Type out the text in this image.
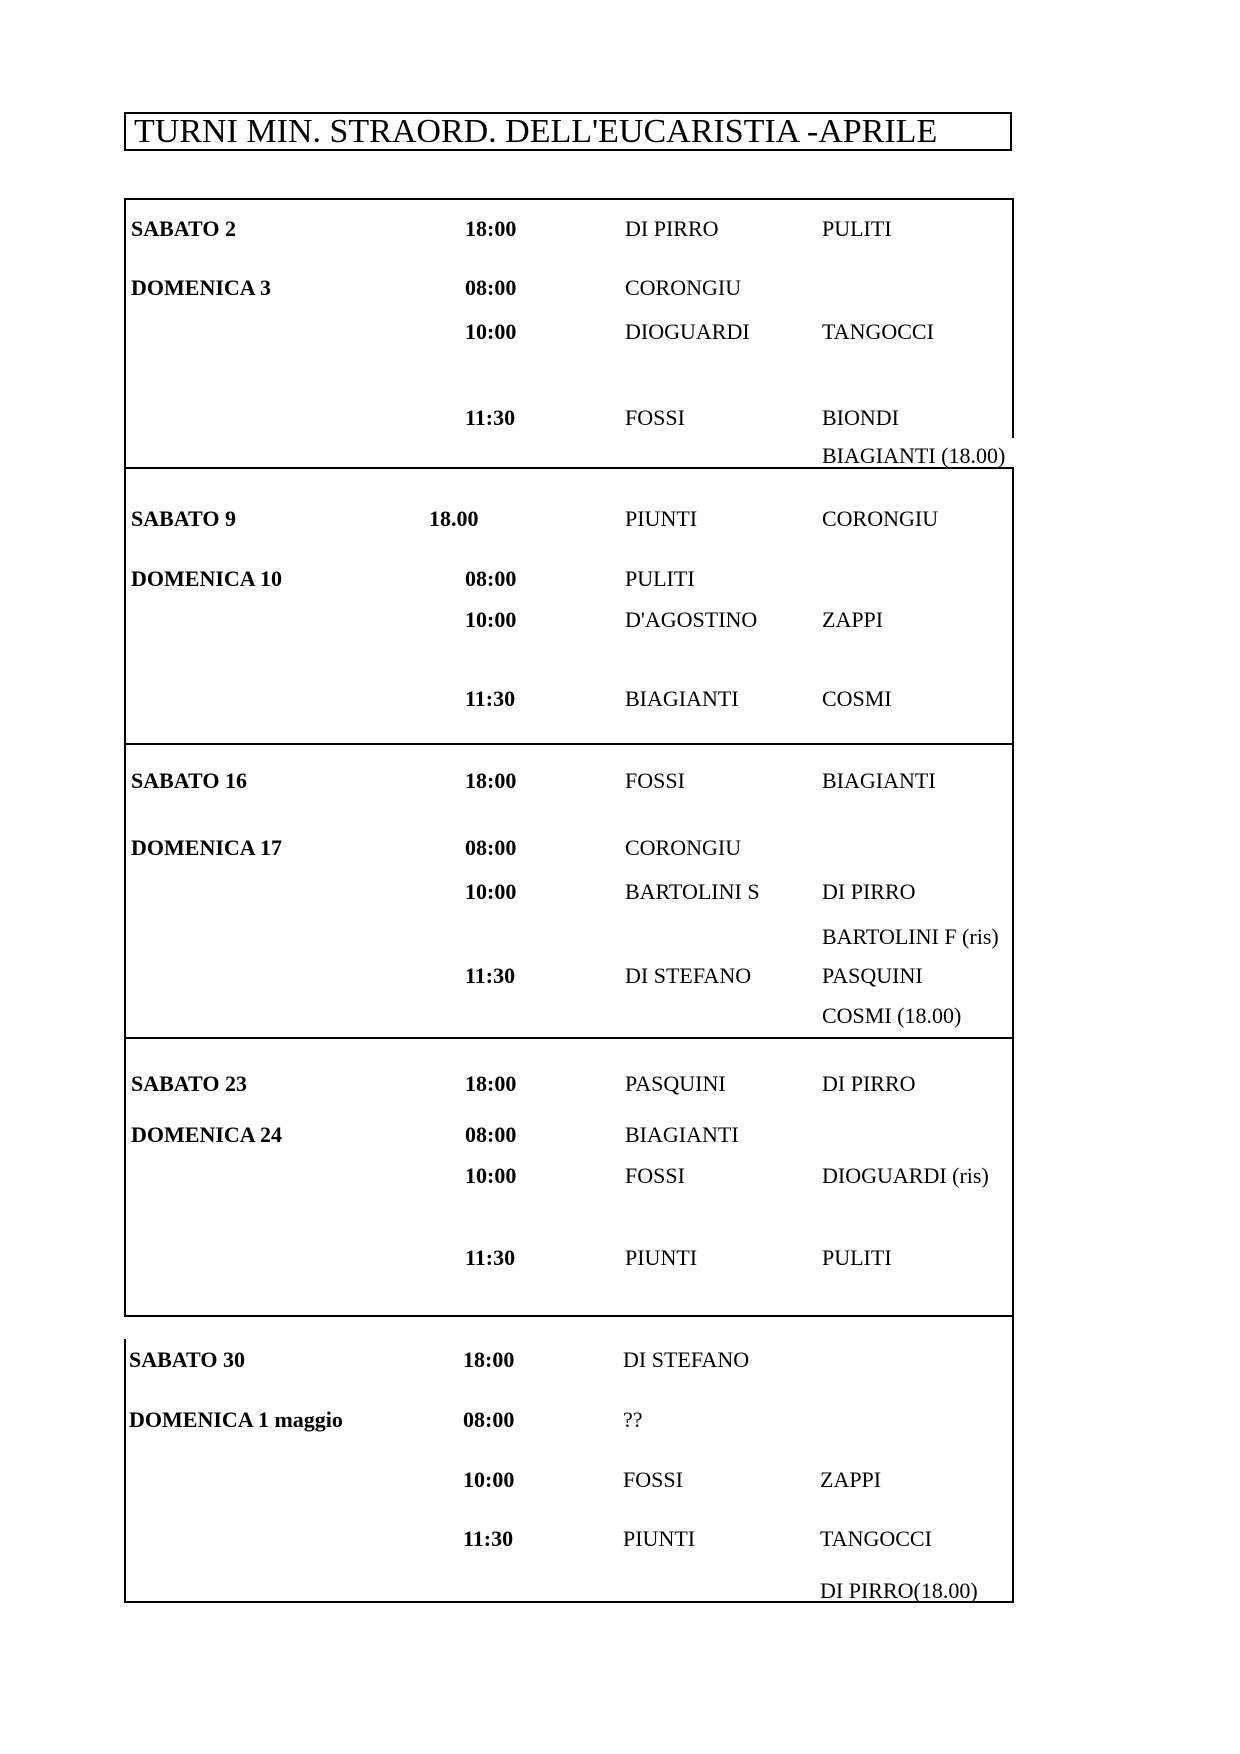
TURNI MIN. STRAORD. DELL'EUCARISTIA -APRILE
SABATO 2	18:00	DI PIRRO	PULITI
DOMENICA 3	08:00	CORONGIU
10:00	DIOGUARDI	TANGOCCI
11:30	FOSSI	BIONDI
BIAGIANTI (18.00)
SABATO 9	18.00	PIUNTI	CORONGIU
DOMENICA 10	08:00	PULITI
10:00	D'AGOSTINO	ZAPPI
11:30	BIAGIANTI	COSMI
SABATO 16	18:00	FOSSI	BIAGIANTI
DOMENICA 17	08:00	CORONGIU
10:00	BARTOLINI S	DI PIRRO
BARTOLINI F (ris)
11:30	DI STEFANO	PASQUINI
COSMI (18.00)
SABATO 23	18:00	PASQUINI	DI PIRRO
DOMENICA 24	08:00	BIAGIANTI
10:00	FOSSI	DIOGUARDI (ris)
11:30	PIUNTI	PULITI
SABATO 30	18:00	DI STEFANO
DOMENICA 1 maggio	08:00	??
10:00	FOSSI	ZAPPI
11:30	PIUNTI	TANGOCCI
DI PIRRO(18.00)
